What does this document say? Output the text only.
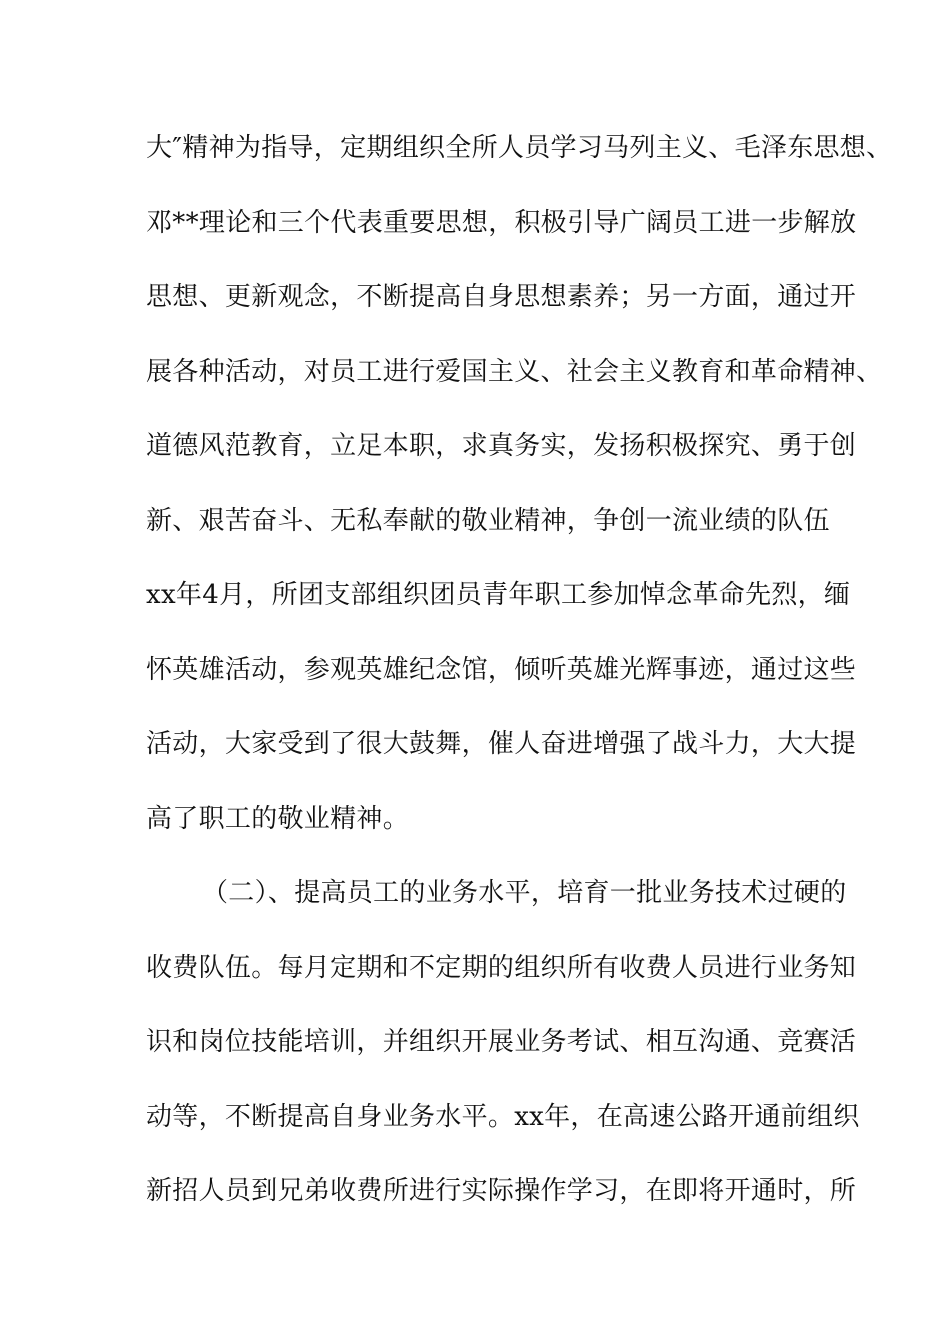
大″精神为指导，定期组织全所人员学习马列主义、毛泽东思想、
邓**理论和三个代表重要思想，积极引导广阔员工进一步解放
思想、更新观念，不断提高自身思想素养；另一方面，通过开
展各种活动，对员工进行爱国主义、社会主义教育和革命精神、
道德风范教育，立足本职，求真务实，发扬积极探究、勇于创
新、艰苦奋斗、无私奉献的敬业精神，争创一流业绩的队伍
xx年4月，所团支部组织团员青年职工参加悼念革命先烈，缅
怀英雄活动，参观英雄纪念馆，倾听英雄光辉事迹，通过这些
活动，大家受到了很大鼓舞，催人奋进增强了战斗力，大大提
高了职工的敬业精神。
（二）、提高员工的业务水平，培育一批业务技术过硬的
收费队伍。每月定期和不定期的组织所有收费人员进行业务知
识和岗位技能培训，并组织开展业务考试、相互沟通、竞赛活
动等，不断提高自身业务水平。xx年，在高速公路开通前组织
新招人员到兄弟收费所进行实际操作学习，在即将开通时，所
